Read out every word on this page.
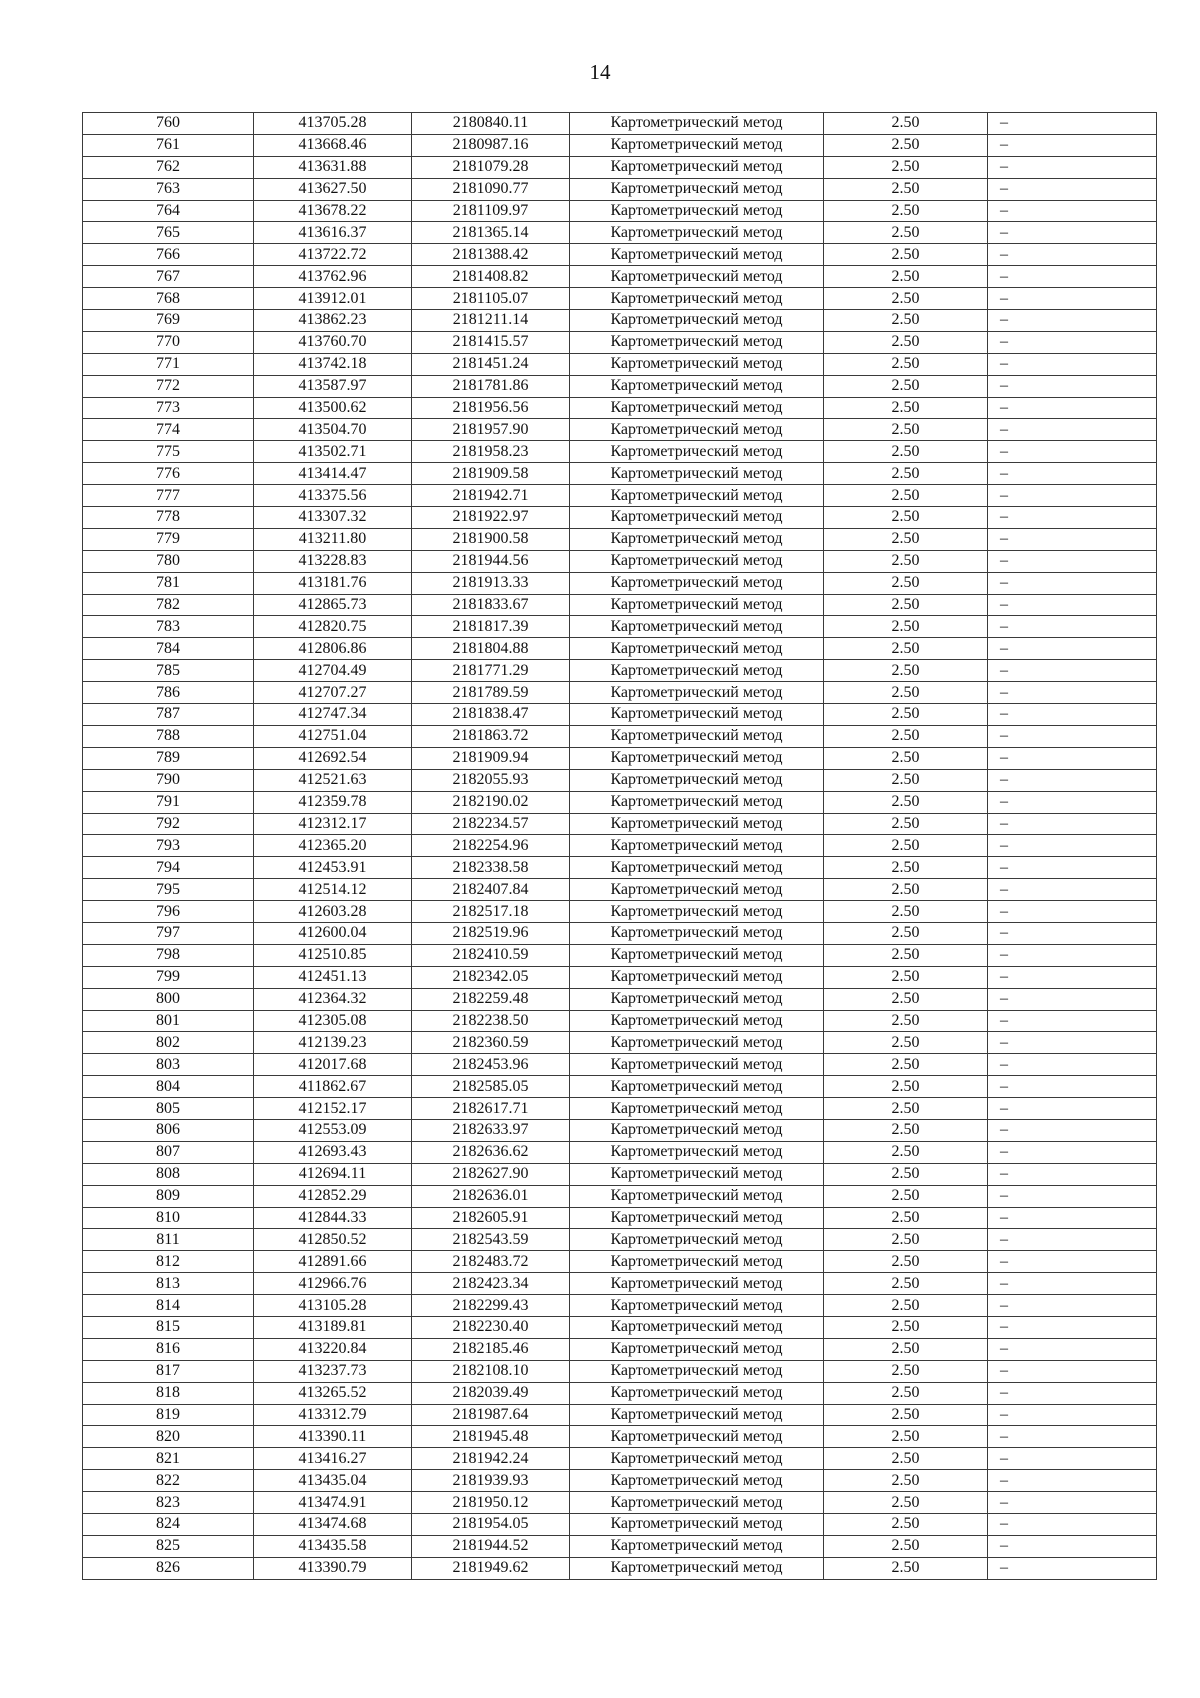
14
760	413705.28	2180840.11	Картометрический метод	2.50	–
761	413668.46	2180987.16	Картометрический метод	2.50	–
762	413631.88	2181079.28	Картометрический метод	2.50	–
763	413627.50	2181090.77	Картометрический метод	2.50	–
764	413678.22	2181109.97	Картометрический метод	2.50	–
765	413616.37	2181365.14	Картометрический метод	2.50	–
766	413722.72	2181388.42	Картометрический метод	2.50	–
767	413762.96	2181408.82	Картометрический метод	2.50	–
768	413912.01	2181105.07	Картометрический метод	2.50	–
769	413862.23	2181211.14	Картометрический метод	2.50	–
770	413760.70	2181415.57	Картометрический метод	2.50	–
771	413742.18	2181451.24	Картометрический метод	2.50	–
772	413587.97	2181781.86	Картометрический метод	2.50	–
773	413500.62	2181956.56	Картометрический метод	2.50	–
774	413504.70	2181957.90	Картометрический метод	2.50	–
775	413502.71	2181958.23	Картометрический метод	2.50	–
776	413414.47	2181909.58	Картометрический метод	2.50	–
777	413375.56	2181942.71	Картометрический метод	2.50	–
778	413307.32	2181922.97	Картометрический метод	2.50	–
779	413211.80	2181900.58	Картометрический метод	2.50	–
780	413228.83	2181944.56	Картометрический метод	2.50	–
781	413181.76	2181913.33	Картометрический метод	2.50	–
782	412865.73	2181833.67	Картометрический метод	2.50	–
783	412820.75	2181817.39	Картометрический метод	2.50	–
784	412806.86	2181804.88	Картометрический метод	2.50	–
785	412704.49	2181771.29	Картометрический метод	2.50	–
786	412707.27	2181789.59	Картометрический метод	2.50	–
787	412747.34	2181838.47	Картометрический метод	2.50	–
788	412751.04	2181863.72	Картометрический метод	2.50	–
789	412692.54	2181909.94	Картометрический метод	2.50	–
790	412521.63	2182055.93	Картометрический метод	2.50	–
791	412359.78	2182190.02	Картометрический метод	2.50	–
792	412312.17	2182234.57	Картометрический метод	2.50	–
793	412365.20	2182254.96	Картометрический метод	2.50	–
794	412453.91	2182338.58	Картометрический метод	2.50	–
795	412514.12	2182407.84	Картометрический метод	2.50	–
796	412603.28	2182517.18	Картометрический метод	2.50	–
797	412600.04	2182519.96	Картометрический метод	2.50	–
798	412510.85	2182410.59	Картометрический метод	2.50	–
799	412451.13	2182342.05	Картометрический метод	2.50	–
800	412364.32	2182259.48	Картометрический метод	2.50	–
801	412305.08	2182238.50	Картометрический метод	2.50	–
802	412139.23	2182360.59	Картометрический метод	2.50	–
803	412017.68	2182453.96	Картометрический метод	2.50	–
804	411862.67	2182585.05	Картометрический метод	2.50	–
805	412152.17	2182617.71	Картометрический метод	2.50	–
806	412553.09	2182633.97	Картометрический метод	2.50	–
807	412693.43	2182636.62	Картометрический метод	2.50	–
808	412694.11	2182627.90	Картометрический метод	2.50	–
809	412852.29	2182636.01	Картометрический метод	2.50	–
810	412844.33	2182605.91	Картометрический метод	2.50	–
811	412850.52	2182543.59	Картометрический метод	2.50	–
812	412891.66	2182483.72	Картометрический метод	2.50	–
813	412966.76	2182423.34	Картометрический метод	2.50	–
814	413105.28	2182299.43	Картометрический метод	2.50	–
815	413189.81	2182230.40	Картометрический метод	2.50	–
816	413220.84	2182185.46	Картометрический метод	2.50	–
817	413237.73	2182108.10	Картометрический метод	2.50	–
818	413265.52	2182039.49	Картометрический метод	2.50	–
819	413312.79	2181987.64	Картометрический метод	2.50	–
820	413390.11	2181945.48	Картометрический метод	2.50	–
821	413416.27	2181942.24	Картометрический метод	2.50	–
822	413435.04	2181939.93	Картометрический метод	2.50	–
823	413474.91	2181950.12	Картометрический метод	2.50	–
824	413474.68	2181954.05	Картометрический метод	2.50	–
825	413435.58	2181944.52	Картометрический метод	2.50	–
826	413390.79	2181949.62	Картометрический метод	2.50	–
